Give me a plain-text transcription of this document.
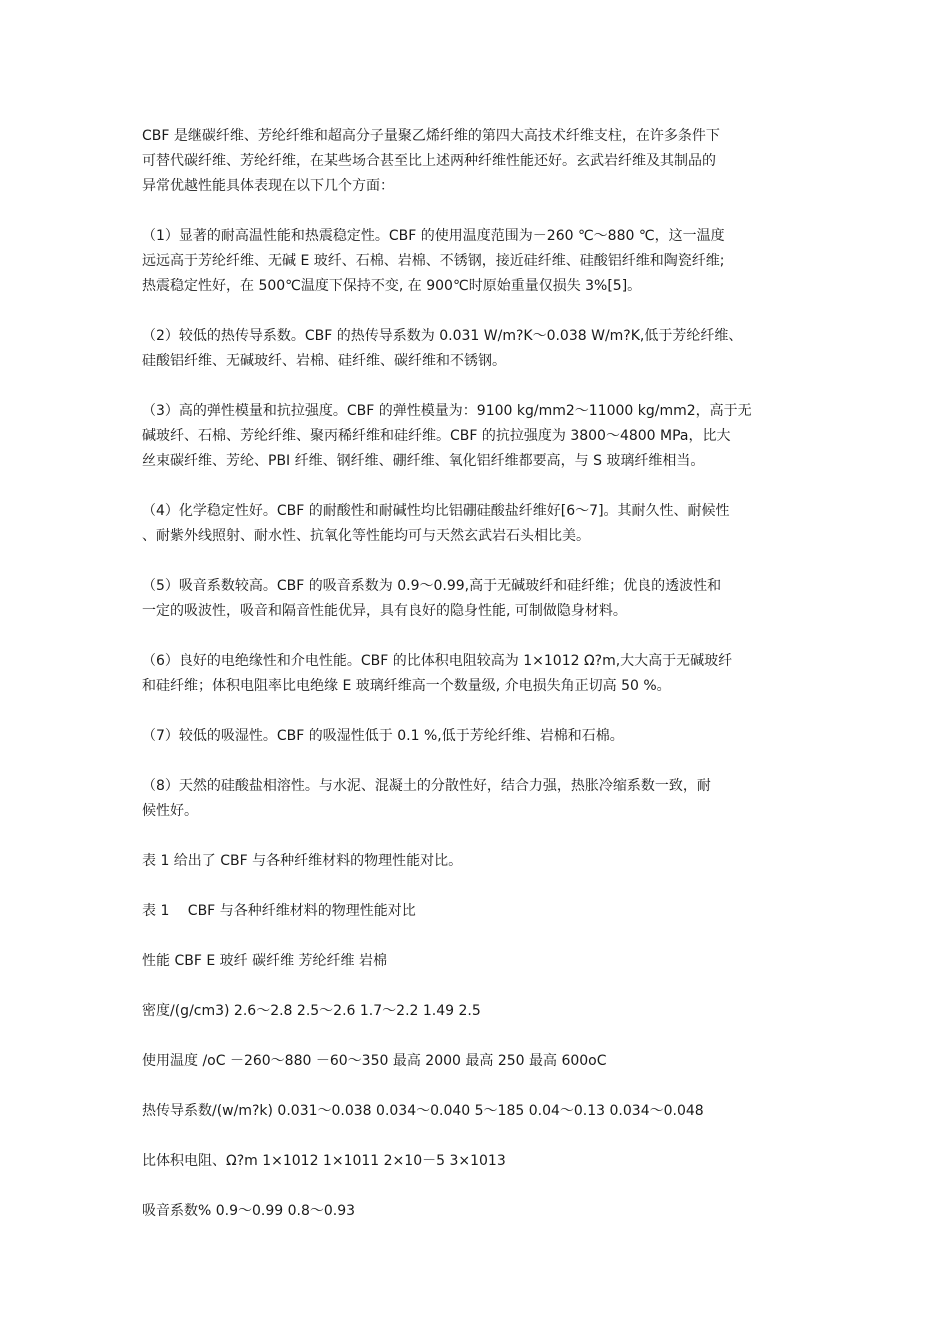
CBF 是继碳纤维、芳纶纤维和超高分子量聚乙烯纤维的第四大高技术纤维支柱，在许多条件下
可替代碳纤维、芳纶纤维，在某些场合甚至比上述两种纤维性能还好。玄武岩纤维及其制品的
异常优越性能具体表现在以下几个方面：
（1）显著的耐高温性能和热震稳定性。CBF 的使用温度范围为－260 ℃～880 ℃，这一温度
远远高于芳纶纤维、无碱 E 玻纤、石棉、岩棉、不锈钢，接近硅纤维、硅酸铝纤维和陶瓷纤维;
热震稳定性好，在 500℃温度下保持不变, 在 900℃时原始重量仅损失 3%[5]。
（2）较低的热传导系数。CBF 的热传导系数为 0.031 W/m?K～0.038 W/m?K,低于芳纶纤维、
硅酸铝纤维、无碱玻纤、岩棉、硅纤维、碳纤维和不锈钢。
（3）高的弹性模量和抗拉强度。CBF 的弹性模量为：9100 kg/mm2～11000 kg/mm2，高于无
碱玻纤、石棉、芳纶纤维、聚丙稀纤维和硅纤维。CBF 的抗拉强度为 3800～4800 MPa，比大
丝束碳纤维、芳纶、PBI 纤维、钢纤维、硼纤维、氧化铝纤维都要高，与 S 玻璃纤维相当。
（4）化学稳定性好。CBF 的耐酸性和耐碱性均比铝硼硅酸盐纤维好[6～7]。其耐久性、耐候性
、耐紫外线照射、耐水性、抗氧化等性能均可与天然玄武岩石头相比美。
（5）吸音系数较高。CBF 的吸音系数为 0.9～0.99,高于无碱玻纤和硅纤维；优良的透波性和
一定的吸波性，吸音和隔音性能优异，具有良好的隐身性能, 可制做隐身材料。
（6）良好的电绝缘性和介电性能。CBF 的比体积电阻较高为 1×1012 Ω?m,大大高于无碱玻纤
和硅纤维；体积电阻率比电绝缘 E 玻璃纤维高一个数量级, 介电损失角正切高 50 %。
（7）较低的吸湿性。CBF 的吸湿性低于 0.1 %,低于芳纶纤维、岩棉和石棉。
（8）天然的硅酸盐相溶性。与水泥、混凝土的分散性好，结合力强，热胀冷缩系数一致，耐
候性好。
表 1 给出了 CBF 与各种纤维材料的物理性能对比。
表 1　 CBF 与各种纤维材料的物理性能对比
性能 CBF E 玻纤 碳纤维 芳纶纤维 岩棉
密度/(g/cm3) 2.6～2.8 2.5～2.6 1.7～2.2 1.49 2.5
使用温度 /oC －260～880 －60～350 最高 2000 最高 250 最高 600oC
热传导系数/(w/m?k) 0.031～0.038 0.034～0.040 5～185 0.04～0.13 0.034～0.048
比体积电阻、Ω?m 1×1012 1×1011 2×10－5 3×1013
吸音系数% 0.9～0.99 0.8～0.93
